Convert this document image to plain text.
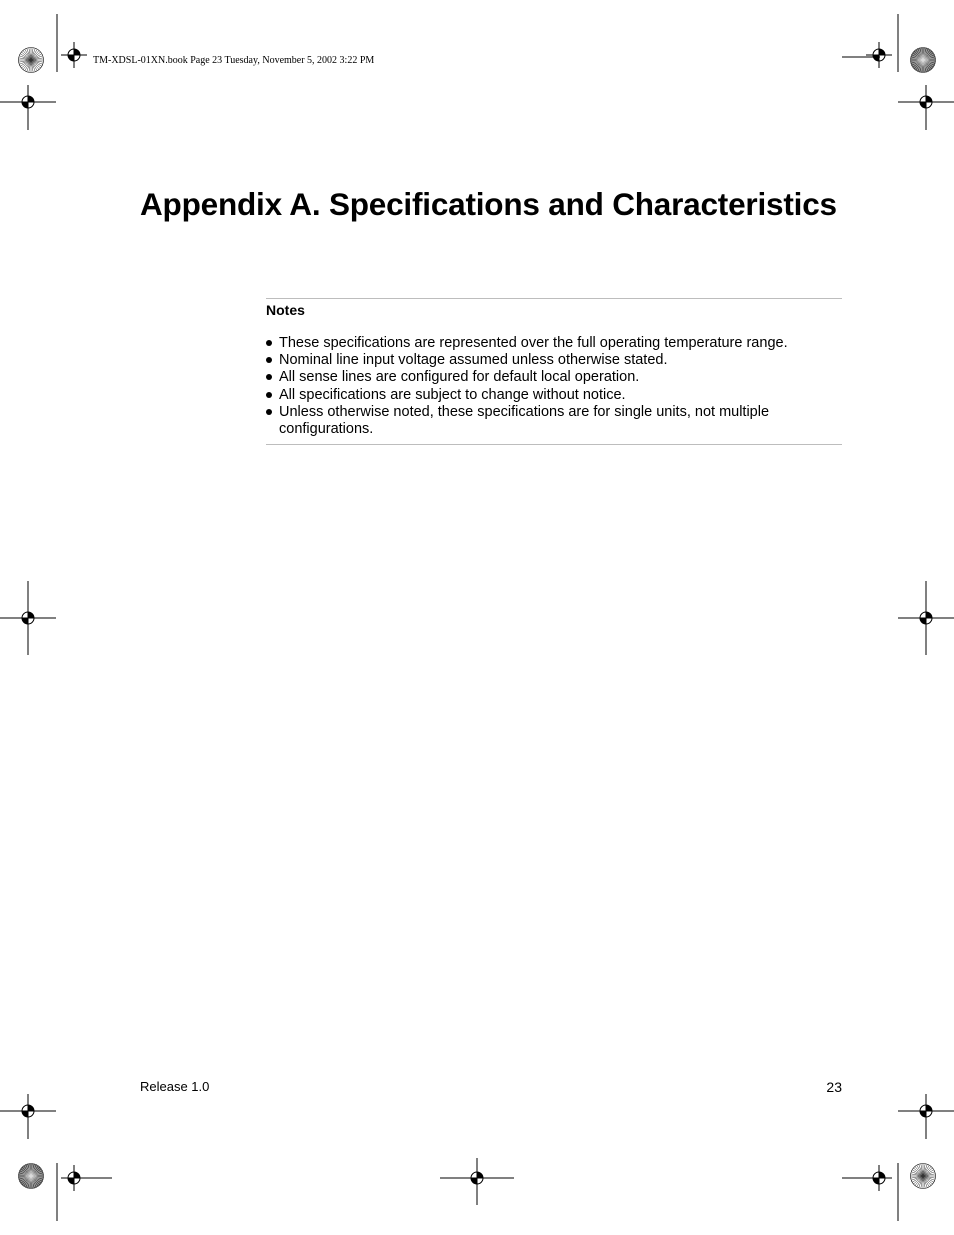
TM-XDSL-01XN.book Page 23 Tuesday, November 5, 2002 3:22 PM
Appendix A. Specifications and Characteristics
Notes
These specifications are represented over the full operating temperature range.
Nominal line input voltage assumed unless otherwise stated.
All sense lines are configured for default local operation.
All specifications are subject to change without notice.
Unless otherwise noted, these specifications are for single units, not multiple configurations.
Release 1.0	23
